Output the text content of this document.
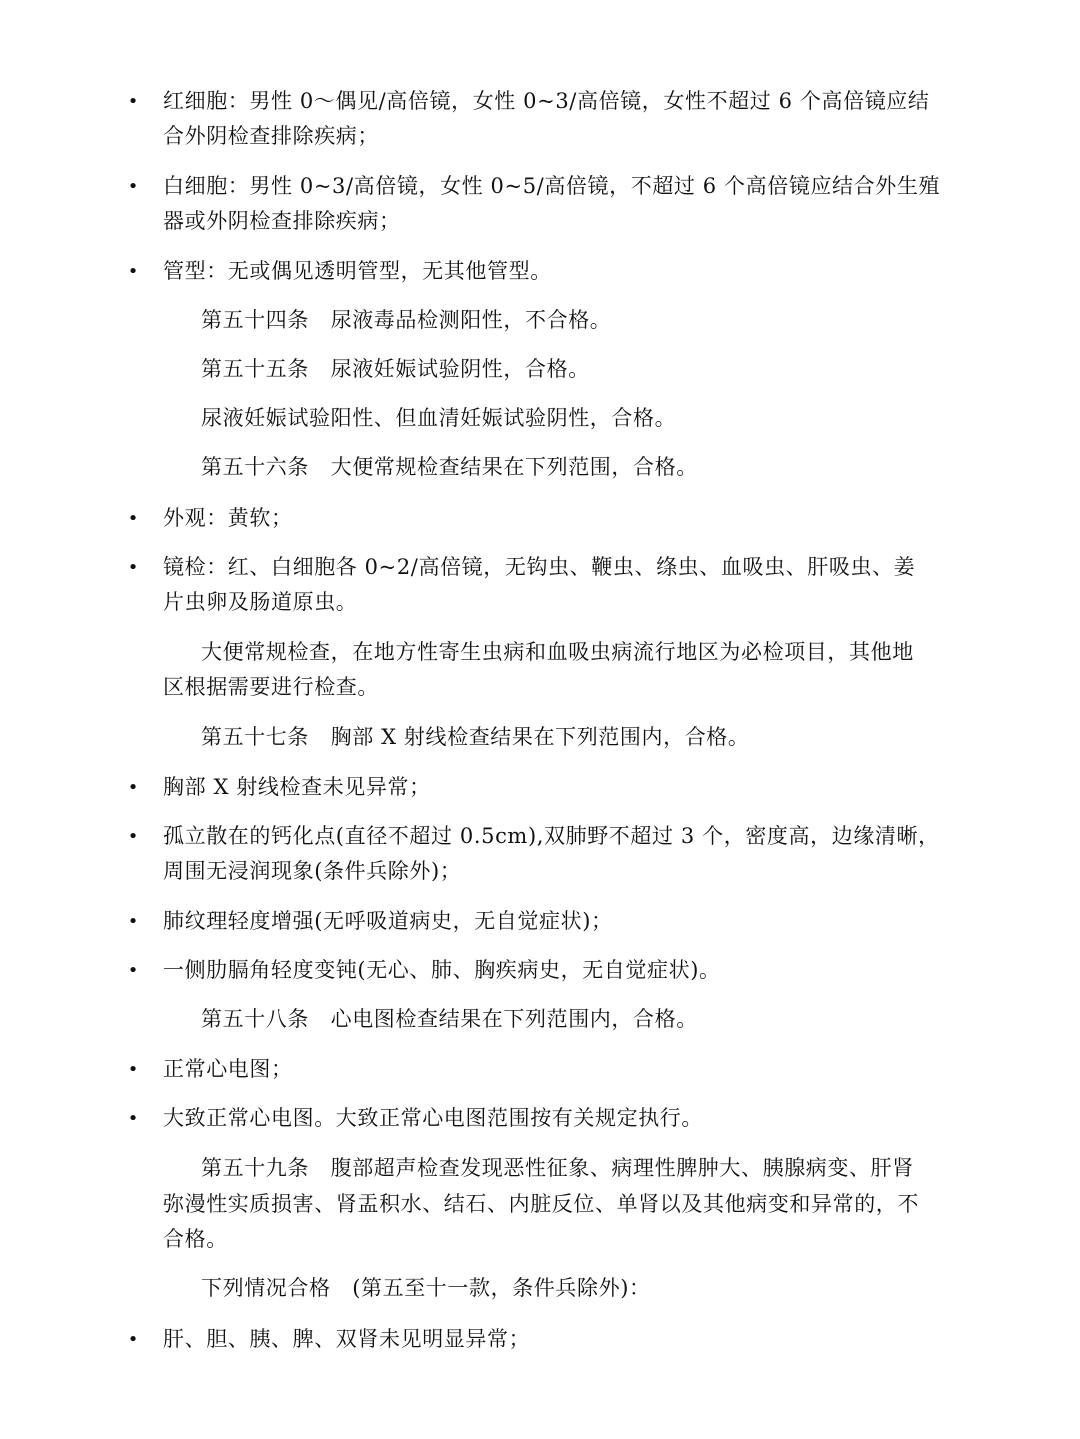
• 红细胞：男性 0～偶见/高倍镜，女性 0~3/高倍镜，女性不超过 6 个高倍镜应结
合外阴检查排除疾病；
• 白细胞：男性 0~3/高倍镜，女性 0~5/高倍镜，不超过 6 个高倍镜应结合外生殖
器或外阴检查排除疾病；
• 管型：无或偶见透明管型，无其他管型。
第五十四条　尿液毒品检测阳性，不合格。
第五十五条　尿液妊娠试验阴性，合格。
尿液妊娠试验阳性、但血清妊娠试验阴性，合格。
第五十六条　大便常规检查结果在下列范围，合格。
• 外观：黄软；
• 镜检：红、白细胞各 0~2/高倍镜，无钩虫、鞭虫、绦虫、血吸虫、肝吸虫、姜
片虫卵及肠道原虫。
大便常规检查，在地方性寄生虫病和血吸虫病流行地区为必检项目，其他地
区根据需要进行检查。
第五十七条　胸部 X 射线检查结果在下列范围内，合格。
• 胸部 X 射线检查未见异常；
• 孤立散在的钙化点(直径不超过 0.5cm),双肺野不超过 3 个，密度高，边缘清晰，
周围无浸润现象(条件兵除外)；
• 肺纹理轻度增强(无呼吸道病史，无自觉症状)；
• 一侧肋膈角轻度变钝(无心、肺、胸疾病史，无自觉症状)。
第五十八条　心电图检查结果在下列范围内，合格。
• 正常心电图；
• 大致正常心电图。大致正常心电图范围按有关规定执行。
第五十九条　腹部超声检查发现恶性征象、病理性脾肿大、胰腺病变、肝肾
弥漫性实质损害、肾盂积水、结石、内脏反位、单肾以及其他病变和异常的，不
合格。
下列情况合格　(第五至十一款，条件兵除外)：
• 肝、胆、胰、脾、双肾未见明显异常；
